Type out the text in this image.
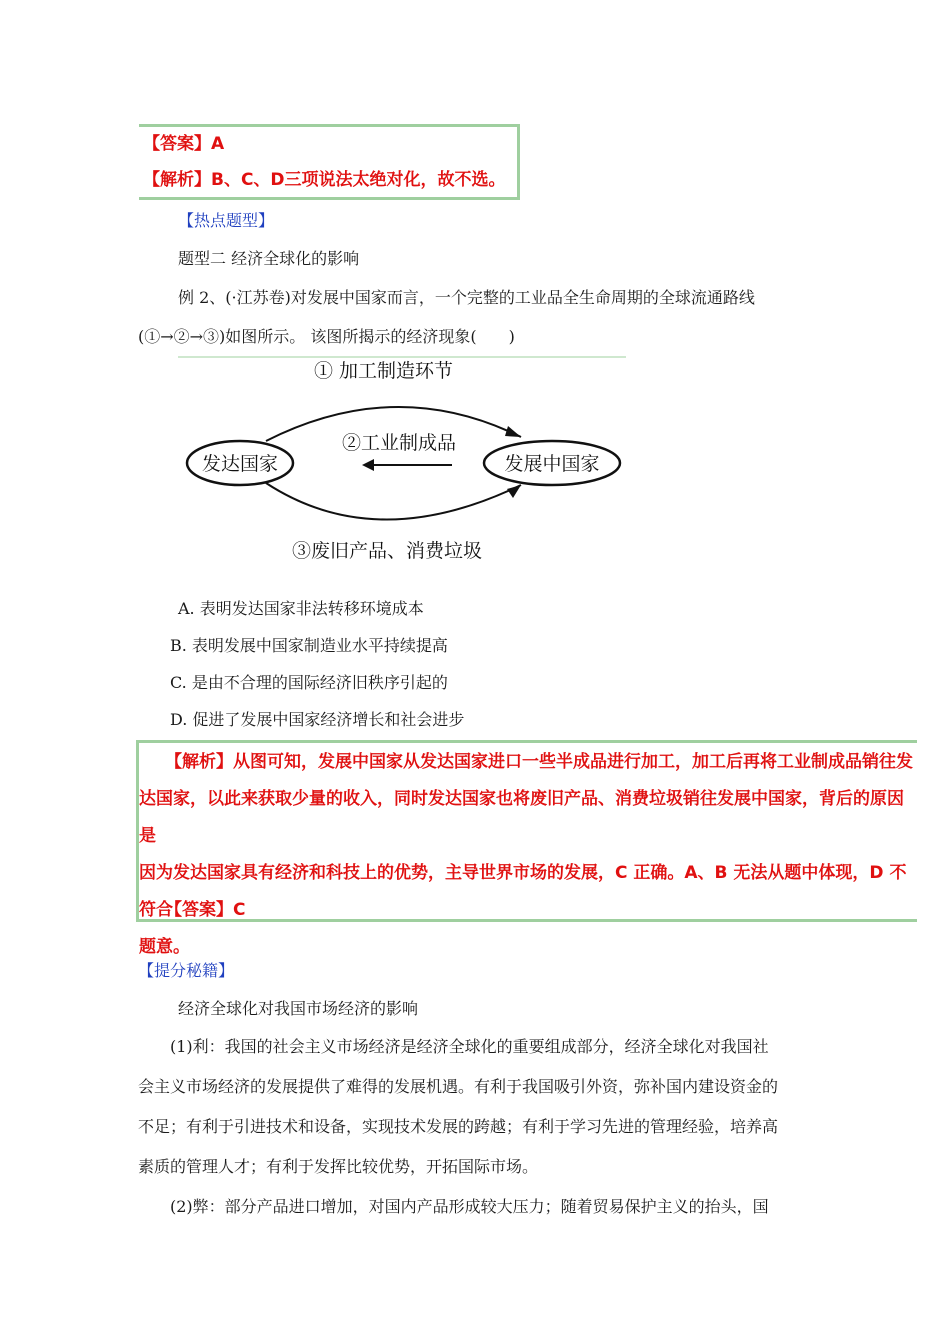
【答案】A
【解析】B、C、D三项说法太绝对化，故不选。
【热点题型】
题型二 经济全球化的影响
例 2、(·江苏卷)对发展中国家而言，一个完整的工业品全生命周期的全球流通路线
(①→②→③)如图所示。 该图所揭示的经济现象(　　)
发达国家	发展中国家
① 加工制造环节
②工业制成品
③废旧产品、消费垃圾
A. 表明发达国家非法转移环境成本
B. 表明发展中国家制造业水平持续提高
C. 是由不合理的国际经济旧秩序引起的
D. 促进了发展中国家经济增长和社会进步
【解析】从图可知，发展中国家从发达国家进口一些半成品进行加工，加工后再将工业制成品销往发
达国家，以此来获取少量的收入，同时发达国家也将废旧产品、消费垃圾销往发展中国家，背后的原因是
因为发达国家具有经济和科技上的优势，主导世界市场的发展，C 正确。A、B 无法从题中体现，D 不符合
题意。
【答案】C
【提分秘籍】
经济全球化对我国市场经济的影响
(1)利：我国的社会主义市场经济是经济全球化的重要组成部分，经济全球化对我国社
会主义市场经济的发展提供了难得的发展机遇。有利于我国吸引外资，弥补国内建设资金的
不足；有利于引进技术和设备，实现技术发展的跨越；有利于学习先进的管理经验，培养高
素质的管理人才；有利于发挥比较优势，开拓国际市场。
(2)弊：部分产品进口增加，对国内产品形成较大压力；随着贸易保护主义的抬头，国
